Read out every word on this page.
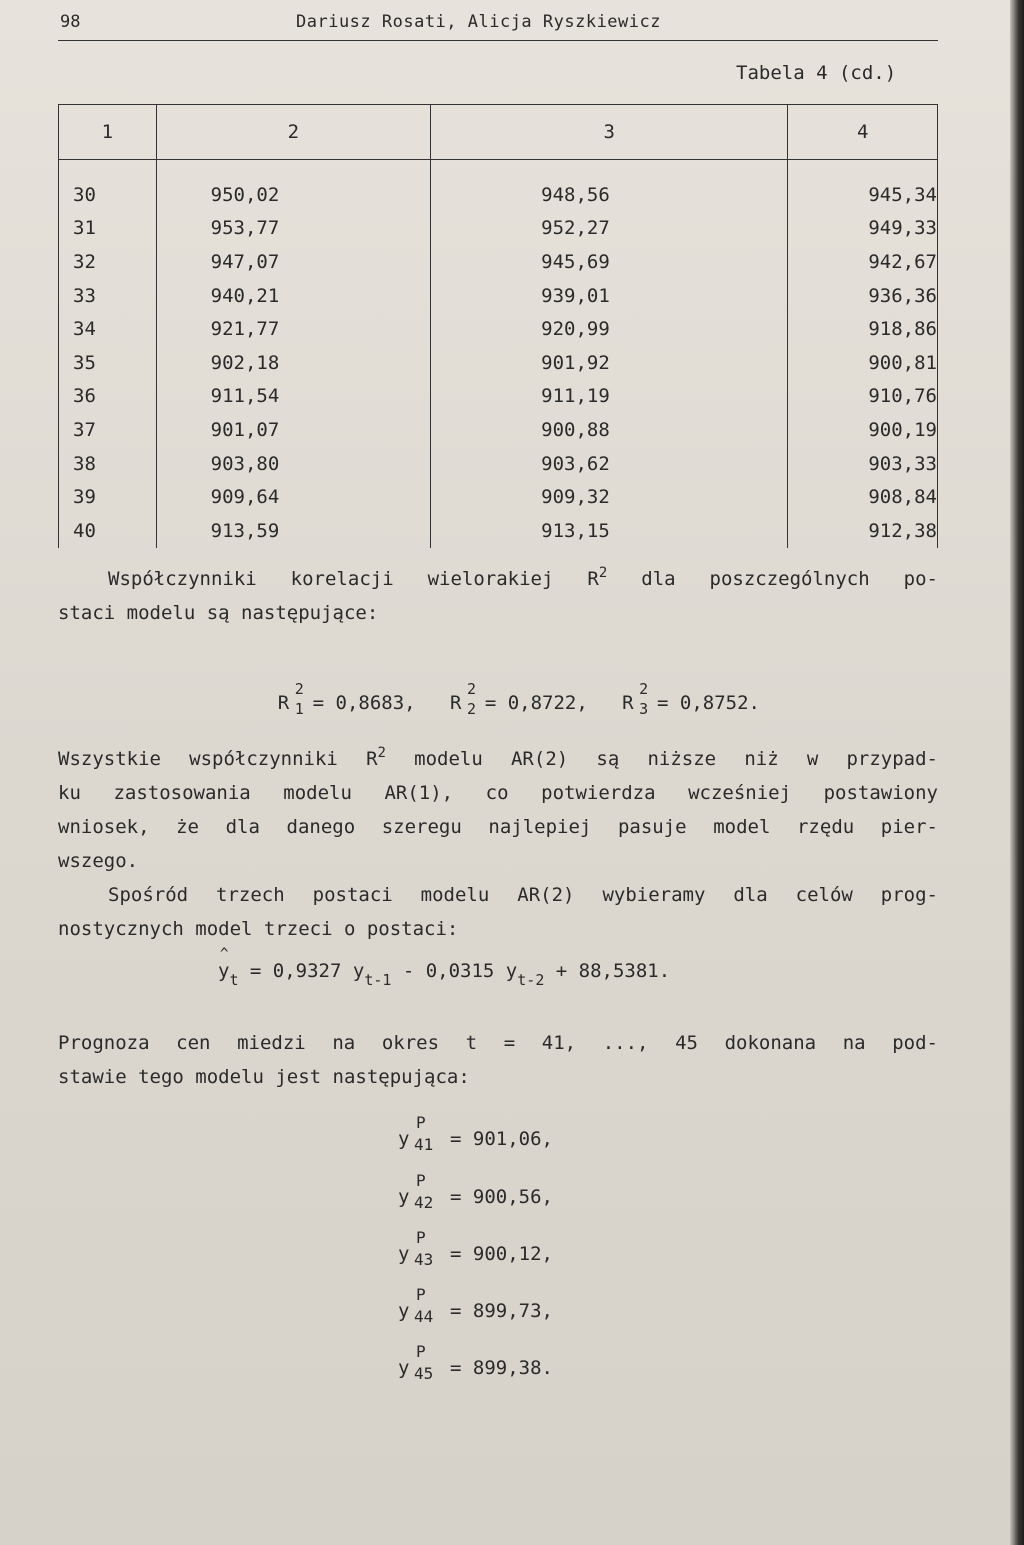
98	Dariusz Rosati, Alicja Ryszkiewicz
Tabela 4 (cd.)
1	2	3	4
30	950,02	948,56	945,34
31	953,77	952,27	949,33
32	947,07	945,69	942,67
33	940,21	939,01	936,36
34	921,77	920,99	918,86
35	902,18	901,92	900,81
36	911,54	911,19	910,76
37	901,07	900,88	900,19
38	903,80	903,62	903,33
39	909,64	909,32	908,84
40	913,59	913,15	912,38
Współczynniki korelacji wielorakiej $R^2$ dla poszczególnych po-
staci modelu są następujące:

R
2
1
= 0,8683, R
2
2
= 0,8722, R
2
3
= 0,8752.

Wszystkie współczynniki $R^2$ modelu AR(2) są niższe niż w przypad-
ku zastosowania modelu AR(1), co potwierdza wcześniej postawiony
wniosek, że dla danego szeregu najlepiej pasuje model rzędu pier-
wszego.
Spośród trzech postaci modelu AR(2) wybieramy dla celów prog-
nostycznych model trzeci o postaci:
^
$y_t = 0,9327$ $y_{t-1} - 0,0315$ $y_{t-2} + 88,5381$.
Prognoza cen miedzi na okres t = 41, ..., 45 dokonana na pod-
stawie tego modelu jest następująca:
y
P
41 = 901,06,
y
P
42 = 900,56,
y
P
43 = 900,12,
y
P
44 = 899,73,
y
P
45 = 899,38.
